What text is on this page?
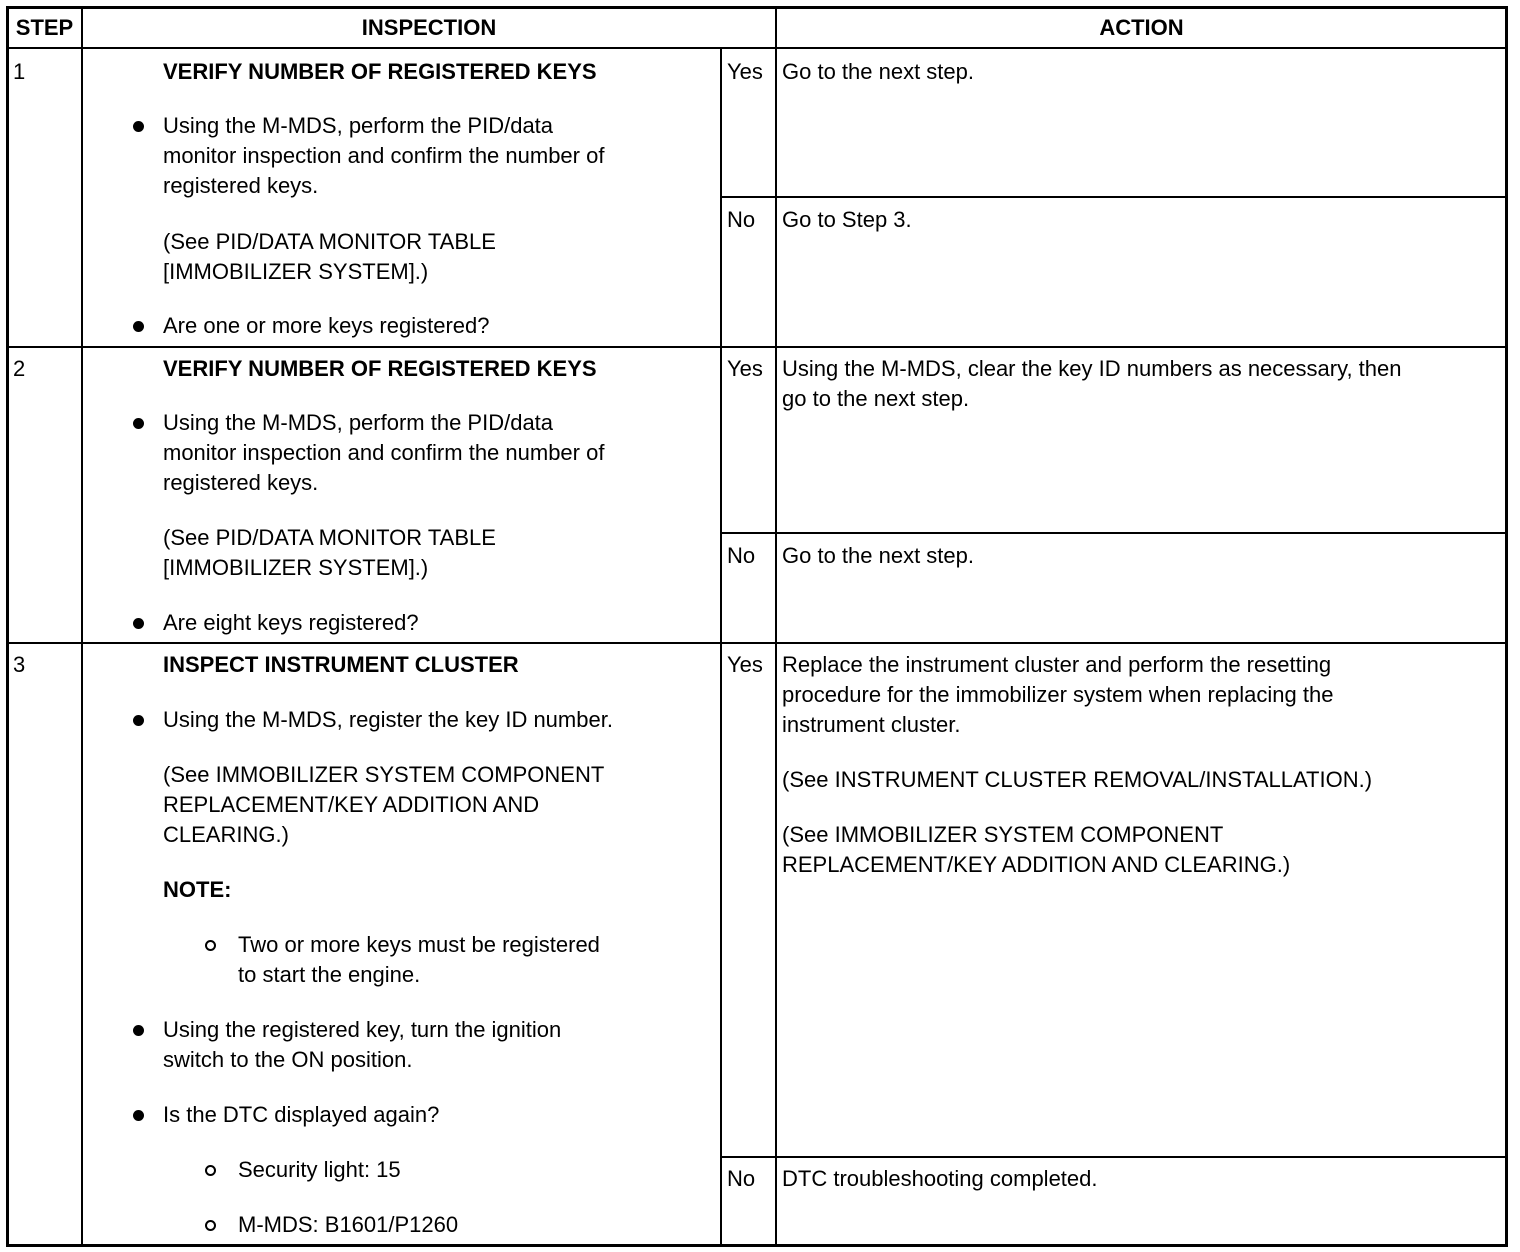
STEP	INSPECTION	ACTION
1	VERIFY NUMBER OF REGISTERED KEYS
Using the M-MDS, perform the PID/data
monitor inspection and confirm the number of
registered keys.
(See PID/DATA MONITOR TABLE
[IMMOBILIZER SYSTEM].)
Are one or more keys registered?
Yes Go to the next step.
No Go to Step 3.
2	VERIFY NUMBER OF REGISTERED KEYS
Using the M-MDS, perform the PID/data
monitor inspection and confirm the number of
registered keys.
(See PID/DATA MONITOR TABLE
[IMMOBILIZER SYSTEM].)
Are eight keys registered?
Yes Using the M-MDS, clear the key ID numbers as necessary, then
go to the next step.
No Go to the next step.
3	INSPECT INSTRUMENT CLUSTER
Using the M-MDS, register the key ID number.
(See IMMOBILIZER SYSTEM COMPONENT
REPLACEMENT/KEY ADDITION AND
CLEARING.)
NOTE:
Two or more keys must be registered
to start the engine.
Using the registered key, turn the ignition
switch to the ON position.
Is the DTC displayed again?
Security light: 15
M-MDS: B1601/P1260
Yes Replace the instrument cluster and perform the resetting
procedure for the immobilizer system when replacing the
instrument cluster.
(See INSTRUMENT CLUSTER REMOVAL/INSTALLATION.)
(See IMMOBILIZER SYSTEM COMPONENT
REPLACEMENT/KEY ADDITION AND CLEARING.)
No DTC troubleshooting completed.
